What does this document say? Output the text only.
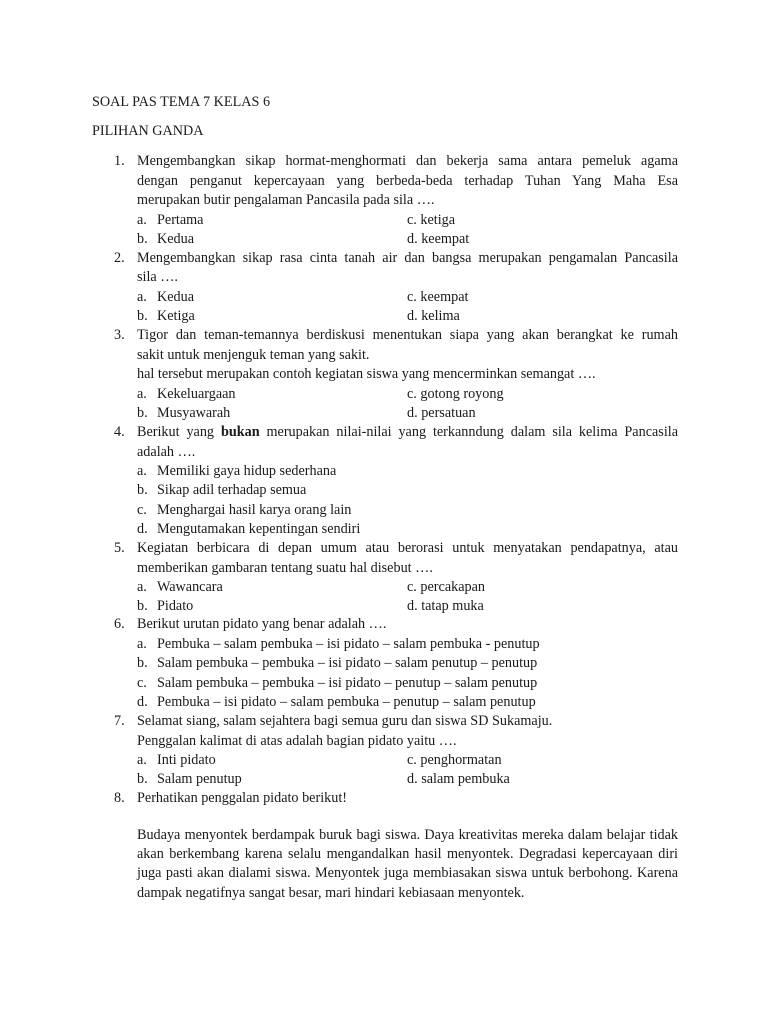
SOAL PAS TEMA 7 KELAS 6
PILIHAN GANDA
1. Mengembangkan sikap hormat-menghormati dan bekerja sama antara pemeluk agama
dengan penganut kepercayaan yang berbeda-beda terhadap Tuhan Yang Maha Esa
merupakan butir pengalaman Pancasila pada sila ….
a. Pertama	c. ketiga
b. Kedua	d. keempat
2. Mengembangkan sikap rasa cinta tanah air dan bangsa merupakan pengamalan Pancasila
sila ….
a. Kedua	c. keempat
b. Ketiga	d. kelima
3. Tigor dan teman-temannya berdiskusi menentukan siapa yang akan berangkat ke rumah
sakit untuk menjenguk teman yang sakit.
hal tersebut merupakan contoh kegiatan siswa yang mencerminkan semangat ….
a. Kekeluargaan	c. gotong royong
b. Musyawarah	d. persatuan
4. Berikut yang bukan merupakan nilai-nilai yang terkanndung dalam sila kelima Pancasila
adalah ….
a. Memiliki gaya hidup sederhana
b. Sikap adil terhadap semua
c. Menghargai hasil karya orang lain
d. Mengutamakan kepentingan sendiri
5. Kegiatan berbicara di depan umum atau berorasi untuk menyatakan pendapatnya, atau
memberikan gambaran tentang suatu hal disebut ….
a. Wawancara	c. percakapan
b. Pidato	d. tatap muka
6. Berikut urutan pidato yang benar adalah ….
a. Pembuka – salam pembuka – isi pidato – salam pembuka - penutup
b. Salam pembuka – pembuka – isi pidato – salam penutup – penutup
c. Salam pembuka – pembuka – isi pidato – penutup – salam penutup
d. Pembuka – isi pidato – salam pembuka – penutup – salam penutup
7. Selamat siang, salam sejahtera bagi semua guru dan siswa SD Sukamaju.
Penggalan kalimat di atas adalah bagian pidato yaitu ….
a. Inti pidato	c. penghormatan
b. Salam penutup	d. salam pembuka
8. Perhatikan penggalan pidato berikut!
Budaya menyontek berdampak buruk bagi siswa. Daya kreativitas mereka dalam belajar tidak akan berkembang karena selalu mengandalkan hasil menyontek. Degradasi kepercayaan diri juga pasti akan dialami siswa. Menyontek juga membiasakan siswa untuk berbohong. Karena dampak negatifnya sangat besar, mari hindari kebiasaan menyontek.
